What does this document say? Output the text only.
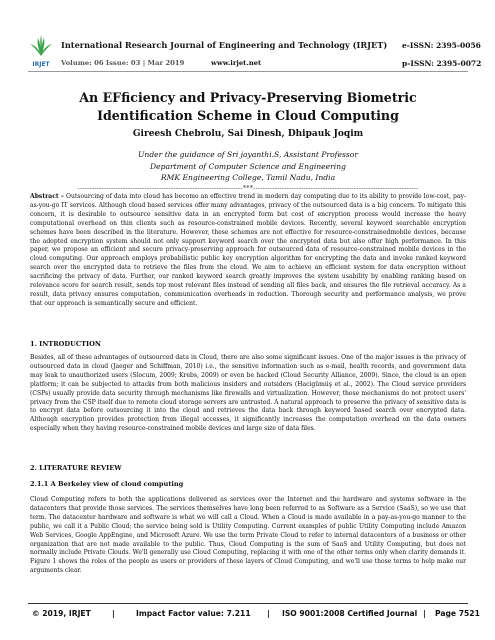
IRJET
International Research Journal of Engineering and Technology (IRJET) e-ISSN: 2395-0056
Volume: 06 Issue: 03 | Mar 2019	www.irjet.net	p-ISSN: 2395-0072
An EFficiency and Privacy-Preserving Biometric Identification Scheme in Cloud Computing
Gireesh Chebrolu, Sai Dinesh, Dhipauk Joqim
Under the guidance of Sri jayanthi.S, Assistant Professor
Department of Computer Science and Engineering
RMK Engineering College, Tamil Nadu, India
---------------------------------------------------------------------***---------------------------------------------------------------------
Abstract – Outsourcing of data into cloud has become an effective trend in modern day computing due to its ability to provide low-cost, pay-as-you-go IT services. Although cloud based services offer many advantages, privacy of the outsourced data is a big concern. To mitigate this concern, it is desirable to outsource sensitive data in an encrypted form but cost of encryption process would increase the heavy computational overhead on thin clients such as resource-constrained mobile devices. Recently, several keyword searchable encryption schemes have been described in the literature. However, these schemes are not effective for resource-constrainedmobile devices, because the adopted encryption system should not only support keyword search over the encrypted data but also offer high performance. In this paper, we propose an efficient and secure privacy-preserving approach for outsourced data of resource-constrained mobile devices in the cloud computing. Our approach employs probabilistic public key encryption algorithm for encrypting the data and invoke ranked keyword search over the encrypted data to retrieve the files from the cloud. We aim to achieve an efficient system for data encryption without sacrificing the privacy of data. Further, our ranked keyword search greatly improves the system usability by enabling ranking based on relevance score for search result, sends top most relevant files instead of sending all files back, and ensures the file retrieval accuracy. As a result, data privacy ensures computation, communication overheads in reduction. Thorough security and performance analysis, we prove that our approach is semantically secure and efficient.
1. INTRODUCTION
Besides, all of these advantages of outsourced data in Cloud, there are also some significant issues. One of the major issues is the privacy of outsourced data in cloud (Jaeger and Schiffman, 2010) i.e., the sensitive information such as e-mail, health records, and government data may leak to unauthorized users (Slocum, 2009; Krebs, 2009) or even be hacked (Cloud Security Alliance, 2009). Since, the cloud is an open platform; it can be subjected to attacks from both malicious insiders and outsiders (Hacigümüş et al., 2002). The Cloud service providers (CSPs) usually provide data security through mechanisms like firewalls and virtualization. However, these mechanisms do not protect users' privacy from the CSP itself due to remote cloud storage servers are untrusted. A natural approach to preserve the privacy of sensitive data is to encrypt data before outsourcing it into the cloud and retrieves the data back through keyword based search over encrypted data. Although encryption provides protection from illegal accesses, it significantly increases the computation overhead on the data owners especially when they having resource-constrained mobile devices and large size of data files.
2. LITERATURE REVIEW
2.1.1 A Berkeley view of cloud computing
Cloud Computing refers to both the applications delivered as services over the Internet and the hardware and systems software in the datacenters that provide those services. The services themselves have long been referred to as Software as a Service (SaaS), so we use that term. The datacenter hardware and software is what we will call a Cloud. When a Cloud is made available in a pay-as-you-go manner to the public, we call it a Public Cloud; the service being sold is Utility Computing. Current examples of public Utility Computing include Amazon Web Services, Google AppEngine, and Microsoft Azure. We use the term Private Cloud to refer to internal datacenters of a business or other organization that are not made available to the public. Thus, Cloud Computing is the sum of SaaS and Utility Computing, but does not normally include Private Clouds. We'll generally use Cloud Computing, replacing it with one of the other terms only when clarity demands it. Figure 1 shows the roles of the people as users or providers of these layers of Cloud Computing, and we'll use those terms to help make our arguments clear.
© 2019, IRJET	|	Impact Factor value: 7.211 | ISO 9001:2008 Certified Journal | Page 7521
